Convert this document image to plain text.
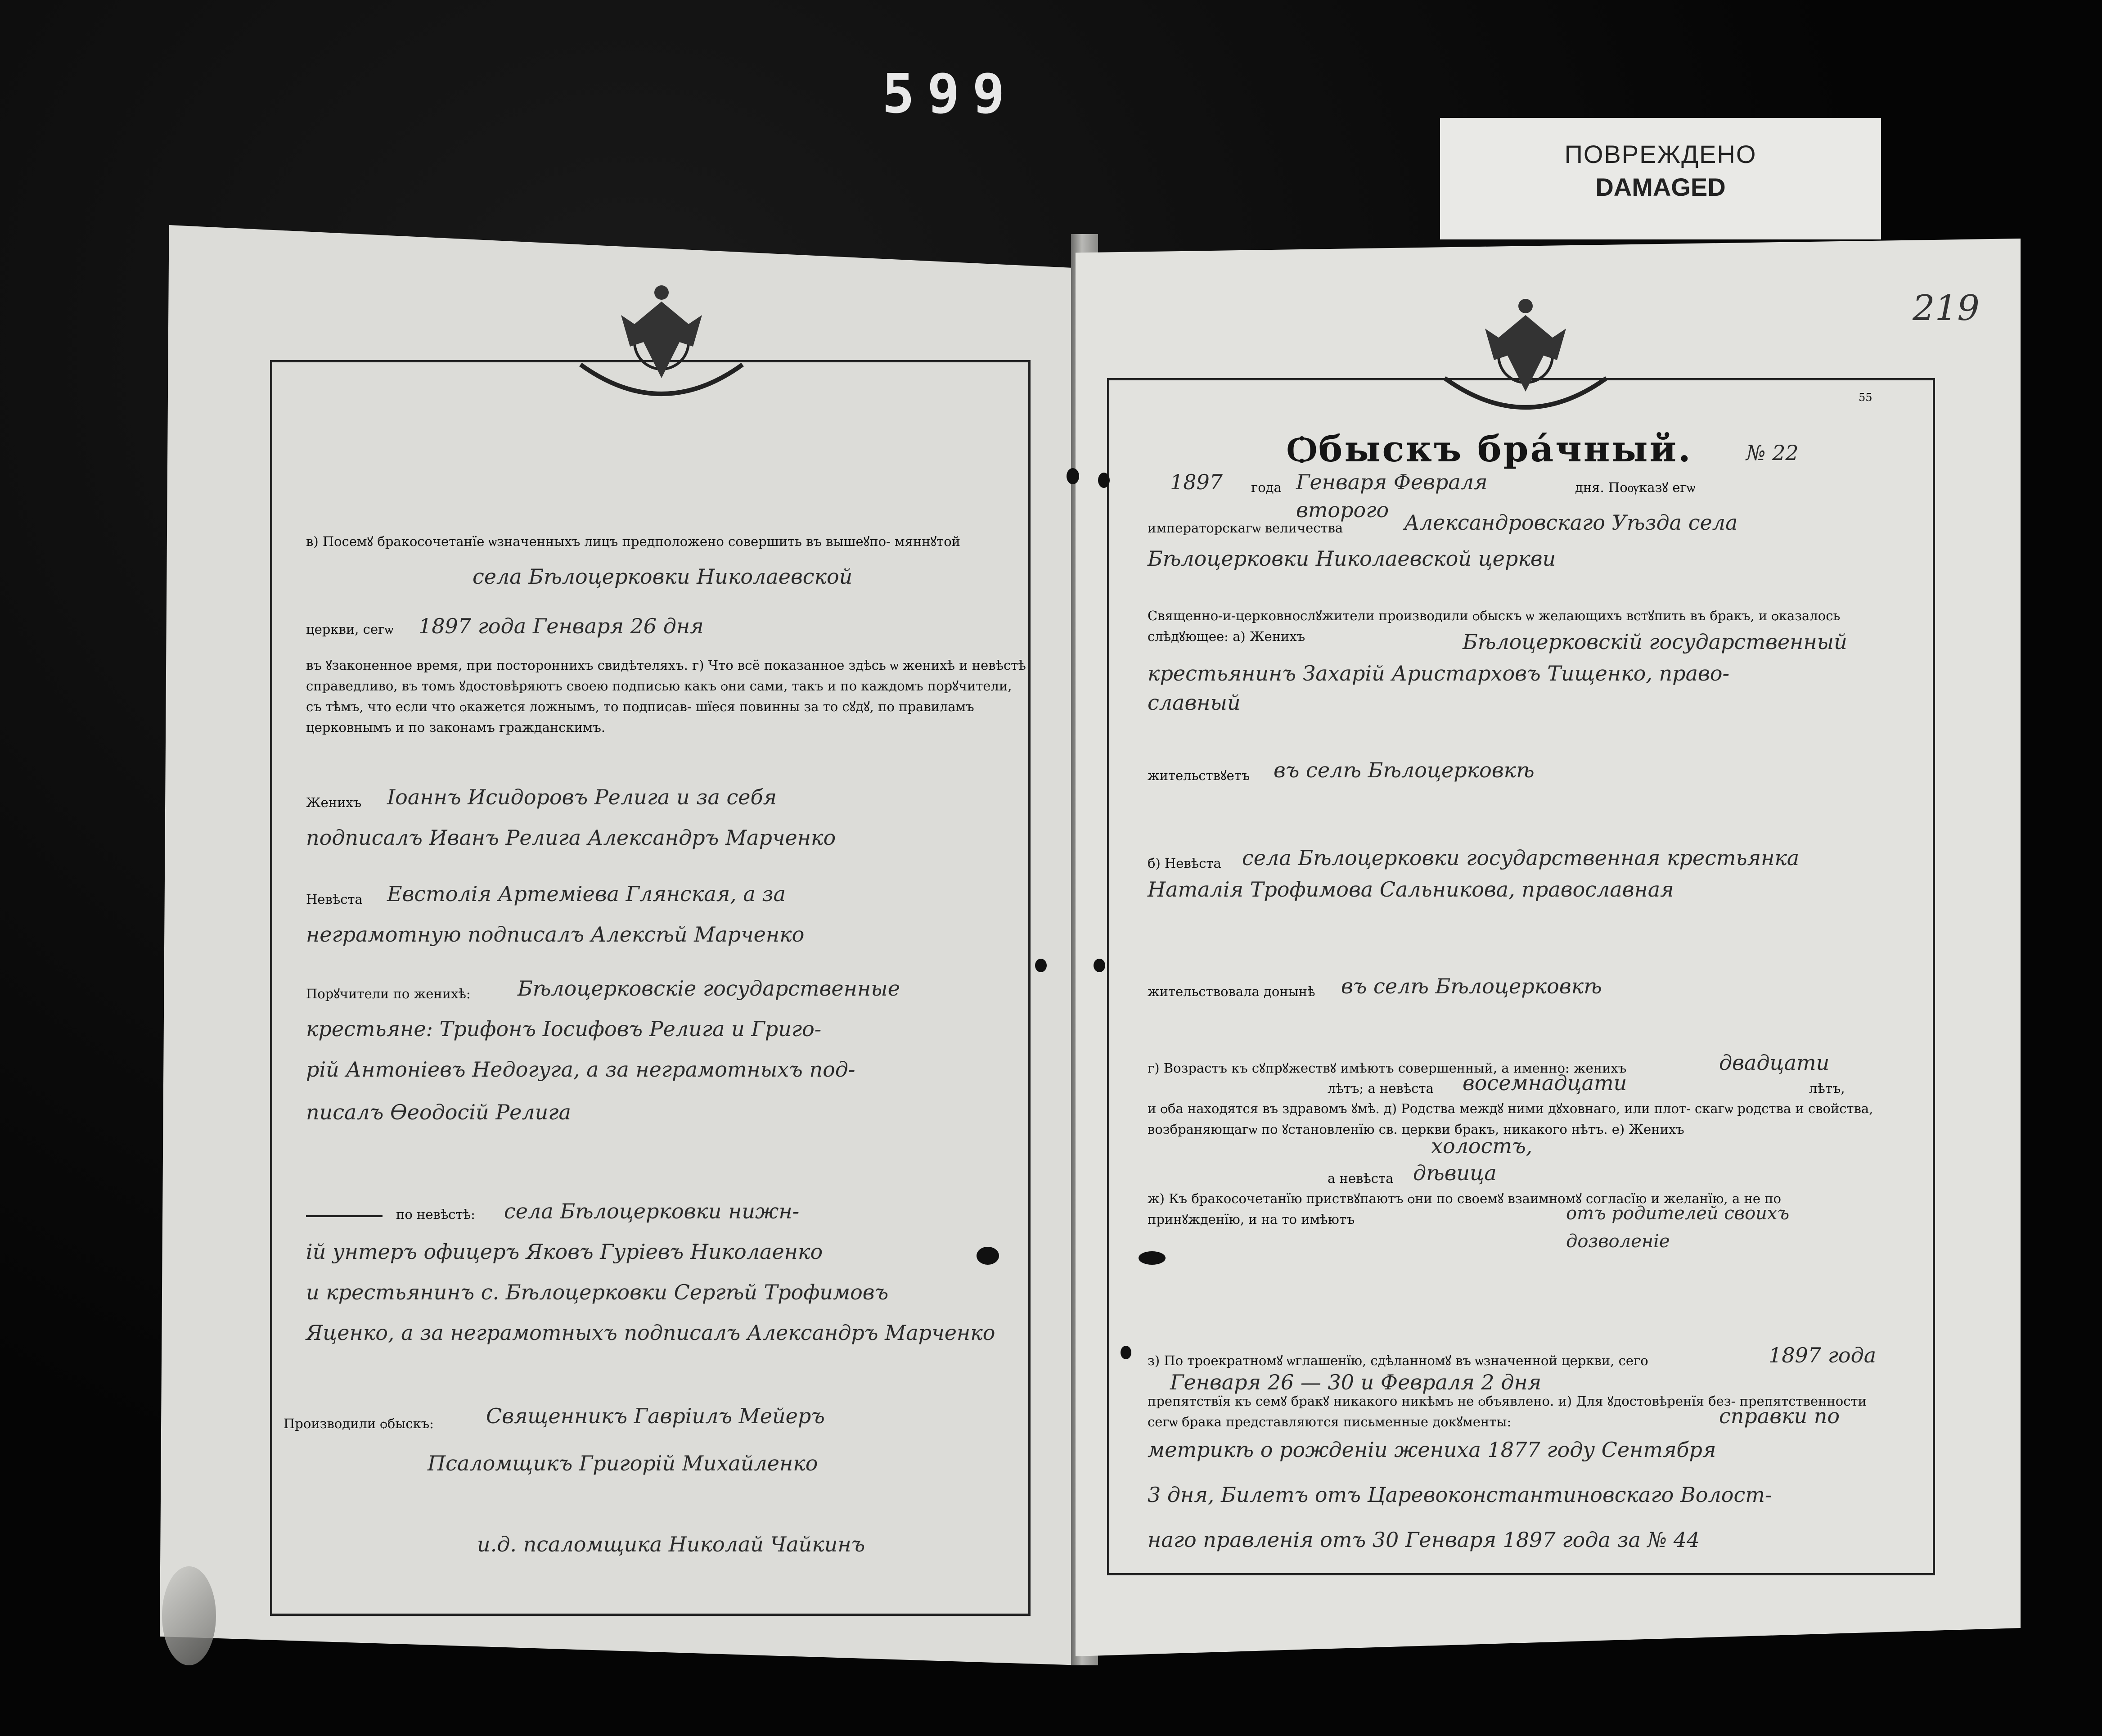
599
ПОВРЕЖДЕНО
DAMAGED
219
55
в) Посемꙋ бракосочетанїе ѡзначенныхъ лицъ предположено совершить въ вышеꙋпо- мяннꙋтой
села Бѣлоцерковки Николаевской
церкви, сегѡ 1897 года Генваря 26 дня
въ ꙋзаконенное время, при постороннихъ свидѣтеляхъ. г) Что всё показанное здѣсь ѡ женихѣ и невѣстѣ справедливо, въ томъ ꙋдостовѣряютъ своею подписью какъ ѻни сами, такъ и по каждомъ порꙋчители, съ тѣмъ, что если что ѻкажется ложнымъ, то подписав- шїеся повинны за то сꙋдꙋ, по правиламъ церковнымъ и по законамъ гражданскимъ.
Женихъ Іоаннъ Исидоровъ Релига и за себя
подписалъ Иванъ Релига Александръ Марченко
Невѣста Евстолія Артеміева Глянская, а за
неграмотную подписалъ Алексѣй Марченко
Порꙋчители по женихѣ: Бѣлоцерковскіе государственные
крестьяне: Трифонъ Іосифовъ Релига и Григо-
рій Антоніевъ Недогуга, а за неграмотныхъ под-
писалъ Ѳеодосій Релига
по невѣстѣ: села Бѣлоцерковки нижн-
ій унтеръ офицеръ Яковъ Гуріевъ Николаенко
и крестьянинъ с. Бѣлоцерковки Сергѣй Трофимовъ
Яценко, а за неграмотныхъ подписалъ Александръ Марченко
Производили ѻбыскъ:	Священникъ Гавріилъ Мейеръ
Псаломщикъ Григорій Михайленко
и.д. псаломщика Николай Чайкинъ
Ѻбыскъ бра́чный.	№ 22
1897 года Генваря Февраля второго
дня. Поѹказꙋ егѡ
императорскагѡ величества	Александровскаго Уѣзда села
Бѣлоцерковки Николаевской церкви
Священно-и-церковнослꙋжители производили ѻбыскъ ѡ желающихъ встꙋпить въ бракъ, и ѻказалось слѣдꙋющее: а) Женихъ	Бѣлоцерковскій государственный
крестьянинъ Захарій Аристарховъ Тищенко, право-
славный
жительствꙋетъ въ селѣ Бѣлоцерковкѣ
б) Невѣста села Бѣлоцерковки государственная крестьянка
Наталія Трофимова Сальникова, православная
жительствовала донынѣ въ селѣ Бѣлоцерковкѣ
г) Возрастъ къ сꙋпрꙋжествꙋ имѣютъ совершенный, а именно: женихъ	двадцати
лѣтъ; а невѣста восемнадцати	лѣтъ,
и ѻба находятся въ здравомъ ꙋмѣ. д) Родства междꙋ ними дꙋховнаго, или плот- скагѡ родства и свойства, возбраняющагѡ по ꙋстановленїю св. церкви бракъ, никакого нѣтъ. е) Женихъ
холостъ,
а невѣста дѣвица
ж) Къ бракосочетанїю приствꙋпаютъ ѻни по своемꙋ взаимномꙋ согласїю и желанїю, а не по принꙋжденїю, и на то имѣютъ	отъ родителей своихъ дозволеніе
з) По троекратномꙋ ѡглашенїю, сдѣланномꙋ въ ѡзначенной церкви, сего	1897 года
Генваря 26 — 30 и Февраля 2 дня
препятствїя къ семꙋ бракꙋ никакого никѣмъ не ѻбъявлено. и) Для ꙋдостовѣренїя без- препятственности сегѡ брака представляются письменные докꙋменты:	справки по
метрикѣ о рожденіи жениха 1877 году Сентября
3 дня, Билетъ отъ Царевоконстантиновскаго Волост-
наго правленія отъ 30 Генваря 1897 года за № 44
